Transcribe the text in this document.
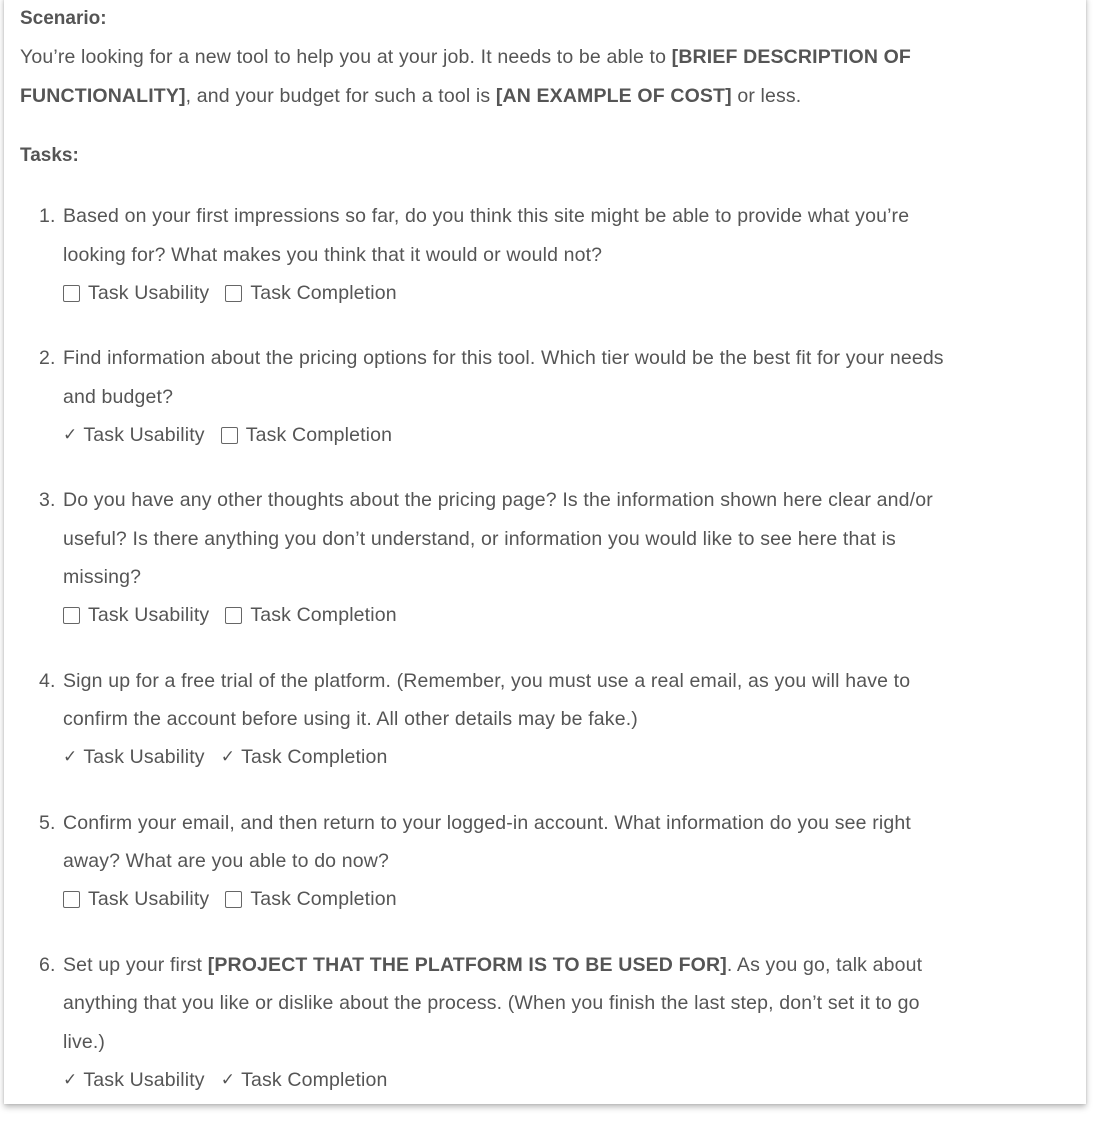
Scenario:
You’re looking for a new tool to help you at your job. It needs to be able to [BRIEF DESCRIPTION OF
FUNCTIONALITY], and your budget for such a tool is [AN EXAMPLE OF COST] or less.
Tasks:
1. Based on your first impressions so far, do you think this site might be able to provide what you’re
looking for? What makes you think that it would or would not?
Task Usability Task Completion
2. Find information about the pricing options for this tool. Which tier would be the best fit for your needs
and budget?
✓ Task Usability Task Completion
3. Do you have any other thoughts about the pricing page? Is the information shown here clear and/or
useful? Is there anything you don’t understand, or information you would like to see here that is
missing?
Task Usability Task Completion
4. Sign up for a free trial of the platform. (Remember, you must use a real email, as you will have to
confirm the account before using it. All other details may be fake.)
✓ Task Usability ✓ Task Completion
5. Confirm your email, and then return to your logged-in account. What information do you see right
away? What are you able to do now?
Task Usability Task Completion
6. Set up your first [PROJECT THAT THE PLATFORM IS TO BE USED FOR]. As you go, talk about
anything that you like or dislike about the process. (When you finish the last step, don’t set it to go
live.)
✓ Task Usability ✓ Task Completion
